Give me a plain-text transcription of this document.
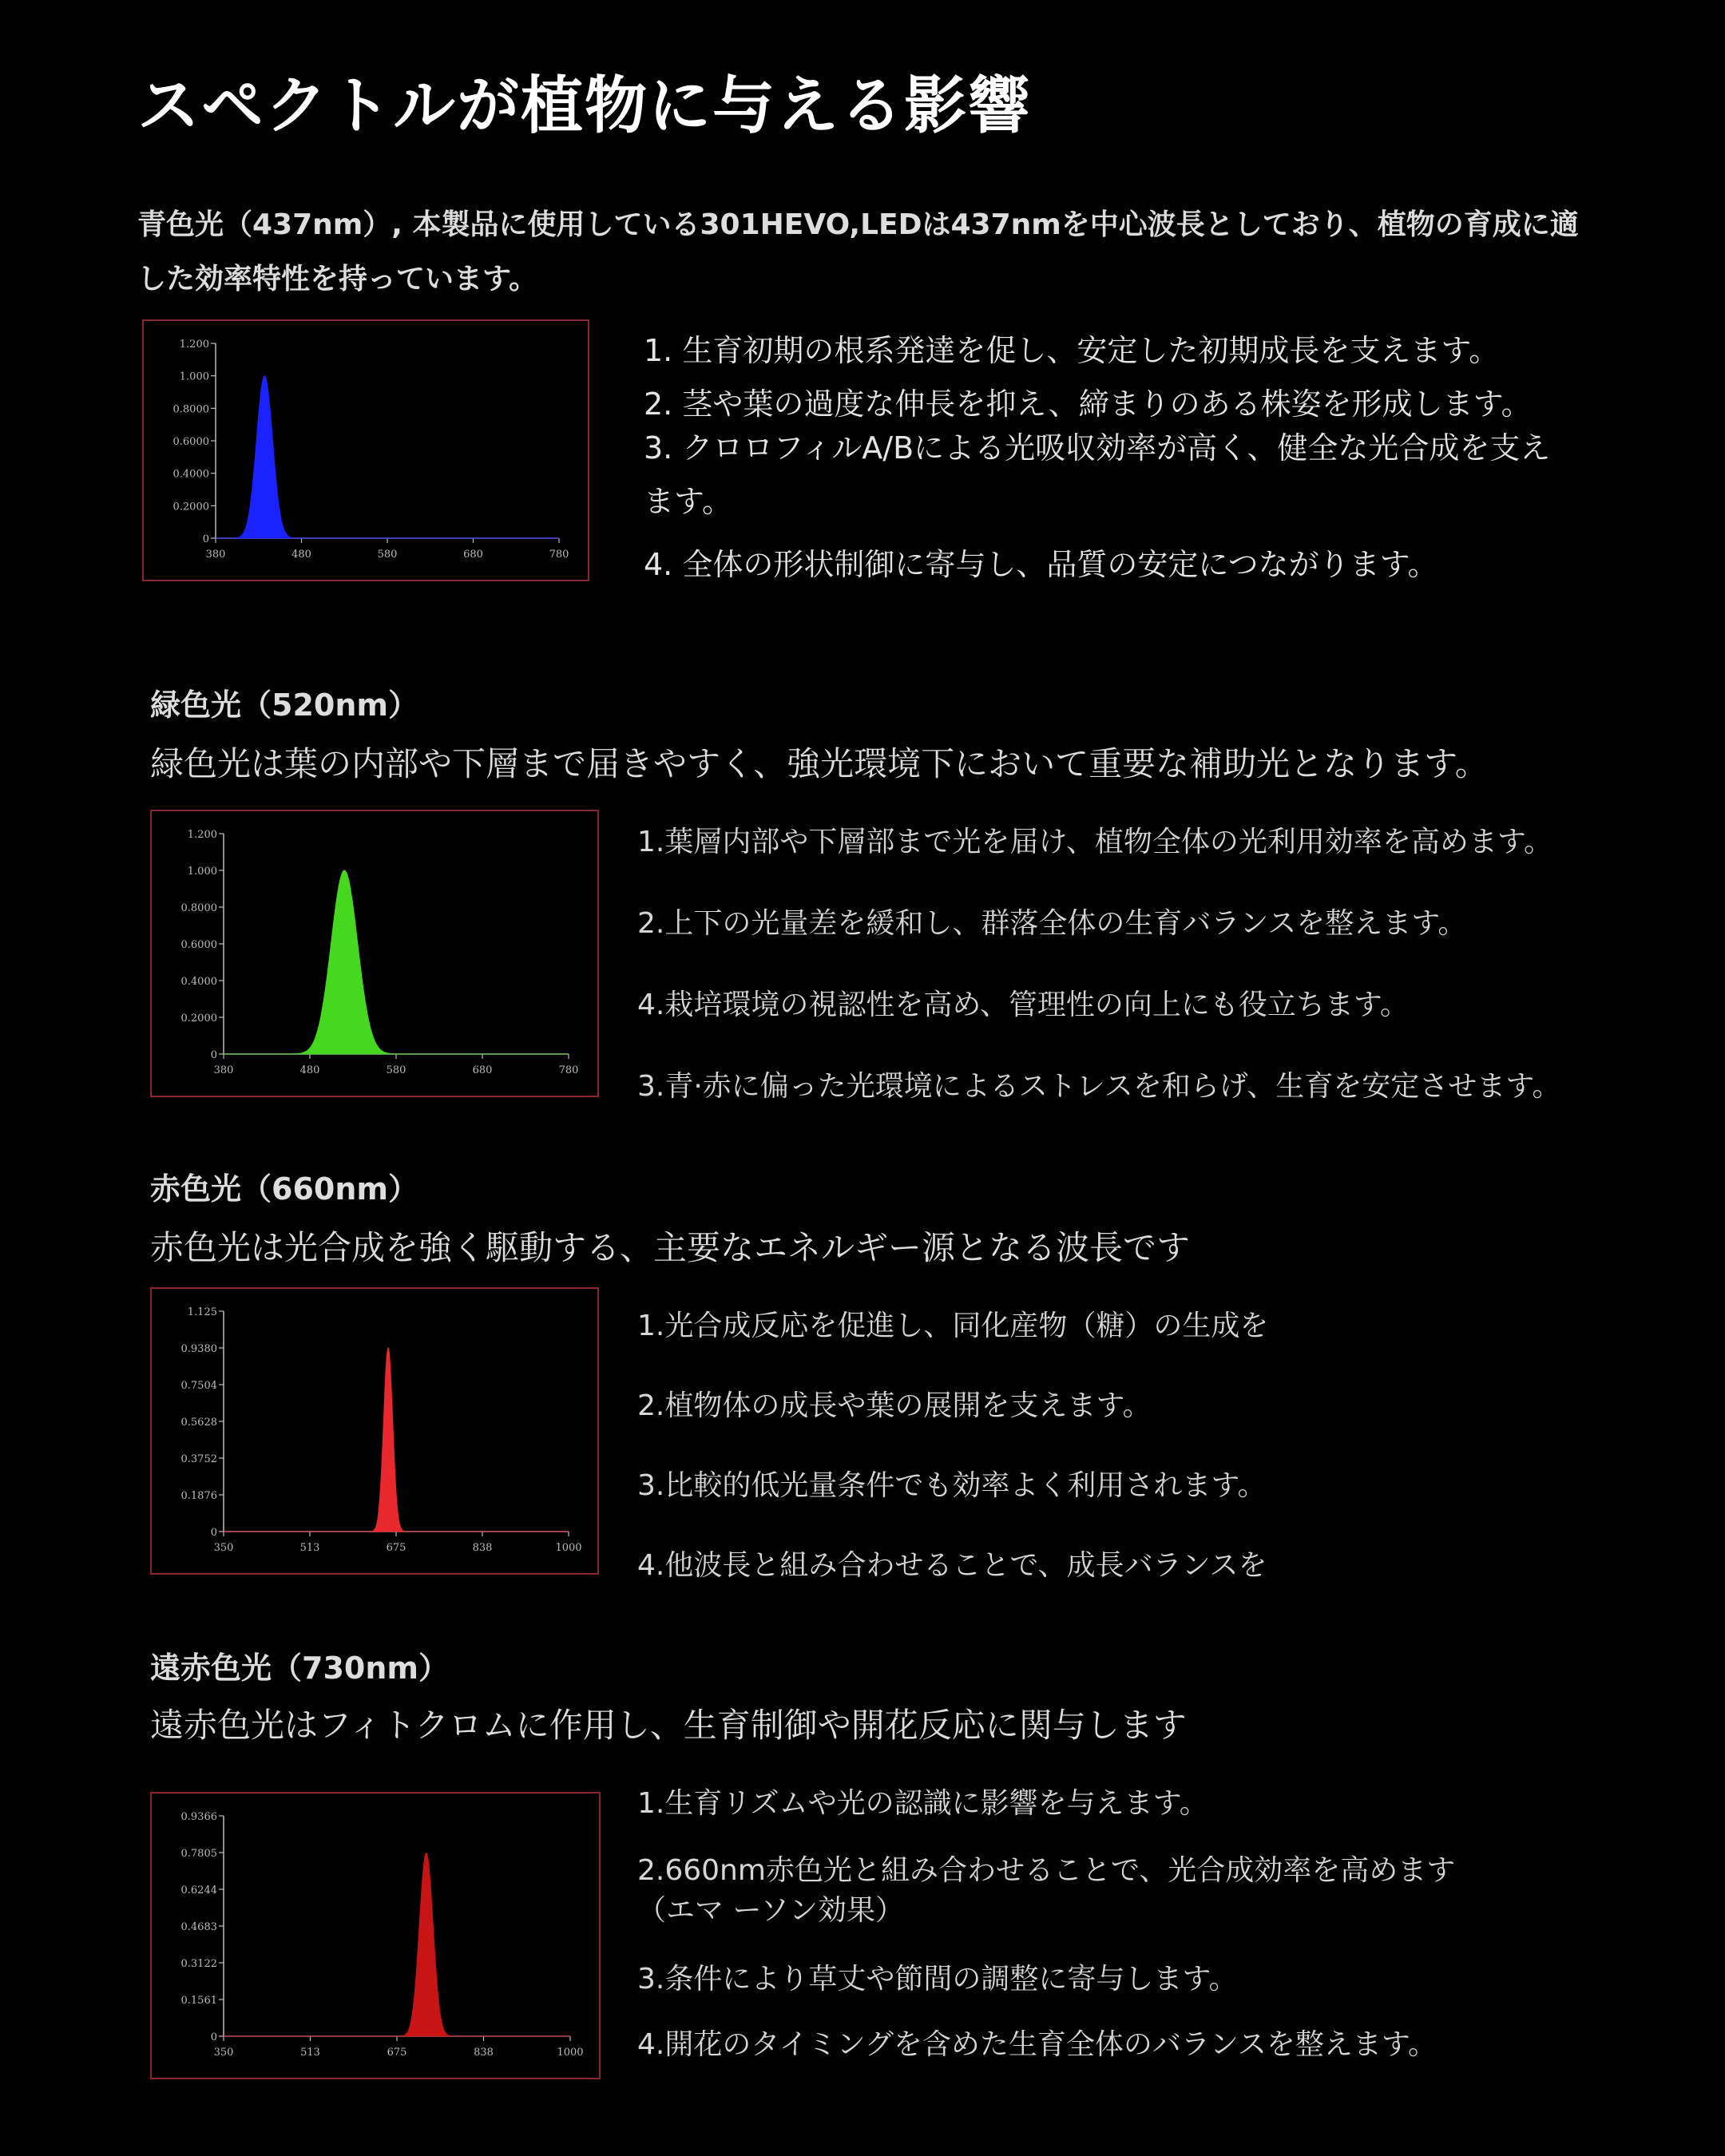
スペクトルが植物に与える影響

青色光（437nm）, 本製品に使用している301HEVO,LEDは437nmを中心波長としており、植物の育成に適した効率特性を持っています。

0
0.2000
0.4000
0.6000
0.8000
1.000
1.200
380	480	580	680	780
1. 生育初期の根系発達を促し、安定した初期成長を支えます。
2. 茎や葉の過度な伸長を抑え、締まりのある株姿を形成します。
3. クロロフィルA/Bによる光吸収効率が高く、健全な光合成を支えます。
4. 全体の形状制御に寄与し、品質の安定につながります。
緑色光（520nm）

緑色光は葉の内部や下層まで届きやすく、強光環境下において重要な補助光となります。

0
0.2000
0.4000
0.6000
0.8000
1.000
1.200
380	480	580	680	780
1.葉層内部や下層部まで光を届け、植物全体の光利用効率を高めます。
2.上下の光量差を緩和し、群落全体の生育バランスを整えます。
4.栽培環境の視認性を高め、管理性の向上にも役立ちます。
3.青·赤に偏った光環境によるストレスを和らげ、生育を安定させます。
赤色光（660nm）

赤色光は光合成を強く駆動する、主要なエネルギー源となる波長です

0
0.1876
0.3752
0.5628
0.7504
0.9380
1.125
350	513	675	838	1000
1.光合成反応を促進し、同化産物（糖）の生成を
2.植物体の成長や葉の展開を支えます。
3.比較的低光量条件でも効率よく利用されます。
4.他波長と組み合わせることで、成長バランスを
遠赤色光（730nm）

遠赤色光はフィトクロムに作用し、生育制御や開花反応に関与します

0
0.1561
0.3122
0.4683
0.6244
0.7805
0.9366
350	513	675	838	1000
1.生育リズムや光の認識に影響を与えます。
2.660nm赤色光と組み合わせることで、光合成効率を高めます（エマ ーソン効果）
3.条件により草丈や節間の調整に寄与します。
4.開花のタイミングを含めた生育全体のバランスを整えます。
